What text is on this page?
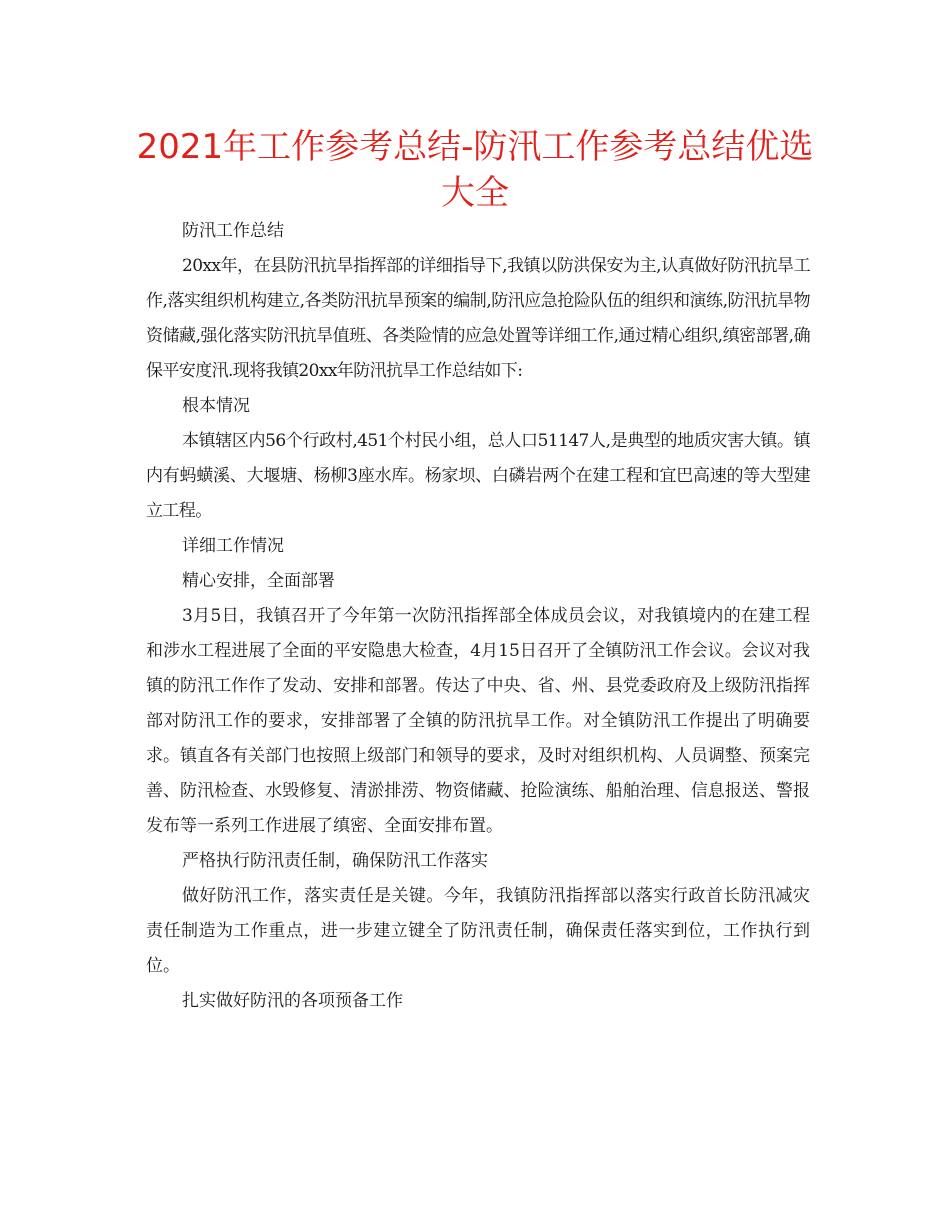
2021年工作参考总结-防汛工作参考总结优选大全

防汛工作总结

20xx年，在县防汛抗旱指挥部的详细指导下,我镇以防洪保安为主,认真做好防汛抗旱工作,落实组织机构建立,各类防汛抗旱预案的编制,防汛应急抢险队伍的组织和演练,防汛抗旱物资储藏,强化落实防汛抗旱值班、各类险情的应急处置等详细工作,通过精心组织,缜密部署,确保平安度汛.现将我镇20xx年防汛抗旱工作总结如下:

根本情况

本镇辖区内56个行政村,451个村民小组，总人口51147人,是典型的地质灾害大镇。镇内有蚂蟥溪、大堰塘、杨柳3座水库。杨家坝、白磷岩两个在建工程和宜巴高速的等大型建立工程。

详细工作情况

精心安排，全面部署

3月5日，我镇召开了今年第一次防汛指挥部全体成员会议，对我镇境内的在建工程和涉水工程进展了全面的平安隐患大检查，4月15日召开了全镇防汛工作会议。会议对我镇的防汛工作作了发动、安排和部署。传达了中央、省、州、县党委政府及上级防汛指挥部对防汛工作的要求，安排部署了全镇的防汛抗旱工作。对全镇防汛工作提出了明确要求。镇直各有关部门也按照上级部门和领导的要求，及时对组织机构、人员调整、预案完善、防汛检查、水毁修复、清淤排涝、物资储藏、抢险演练、船舶治理、信息报送、警报发布等一系列工作进展了缜密、全面安排布置。

严格执行防汛责任制，确保防汛工作落实

做好防汛工作，落实责任是关键。今年，我镇防汛指挥部以落实行政首长防汛减灾责任制造为工作重点，进一步建立键全了防汛责任制，确保责任落实到位，工作执行到位。

扎实做好防汛的各项预备工作
